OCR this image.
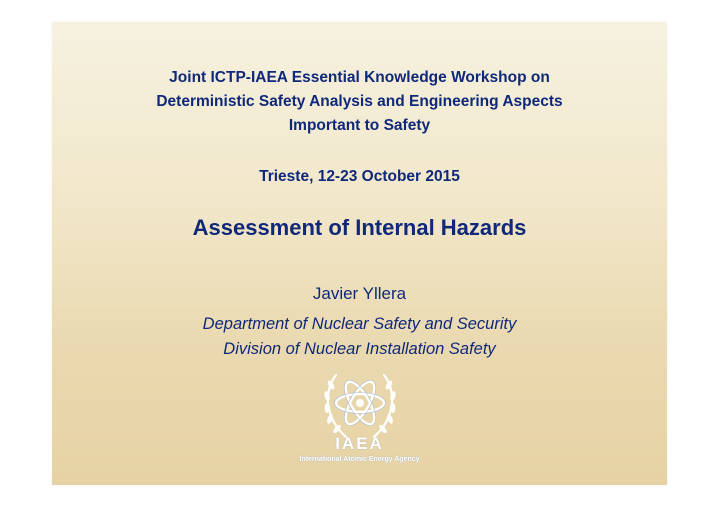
Joint ICTP-IAEA Essential Knowledge Workshop on
Deterministic Safety Analysis and Engineering Aspects
Important to Safety
Trieste, 12-23 October 2015
Assessment of Internal Hazards
Javier Yllera
Department of Nuclear Safety and Security
Division of Nuclear Installation Safety
IAEA
International Atomic Energy Agency
